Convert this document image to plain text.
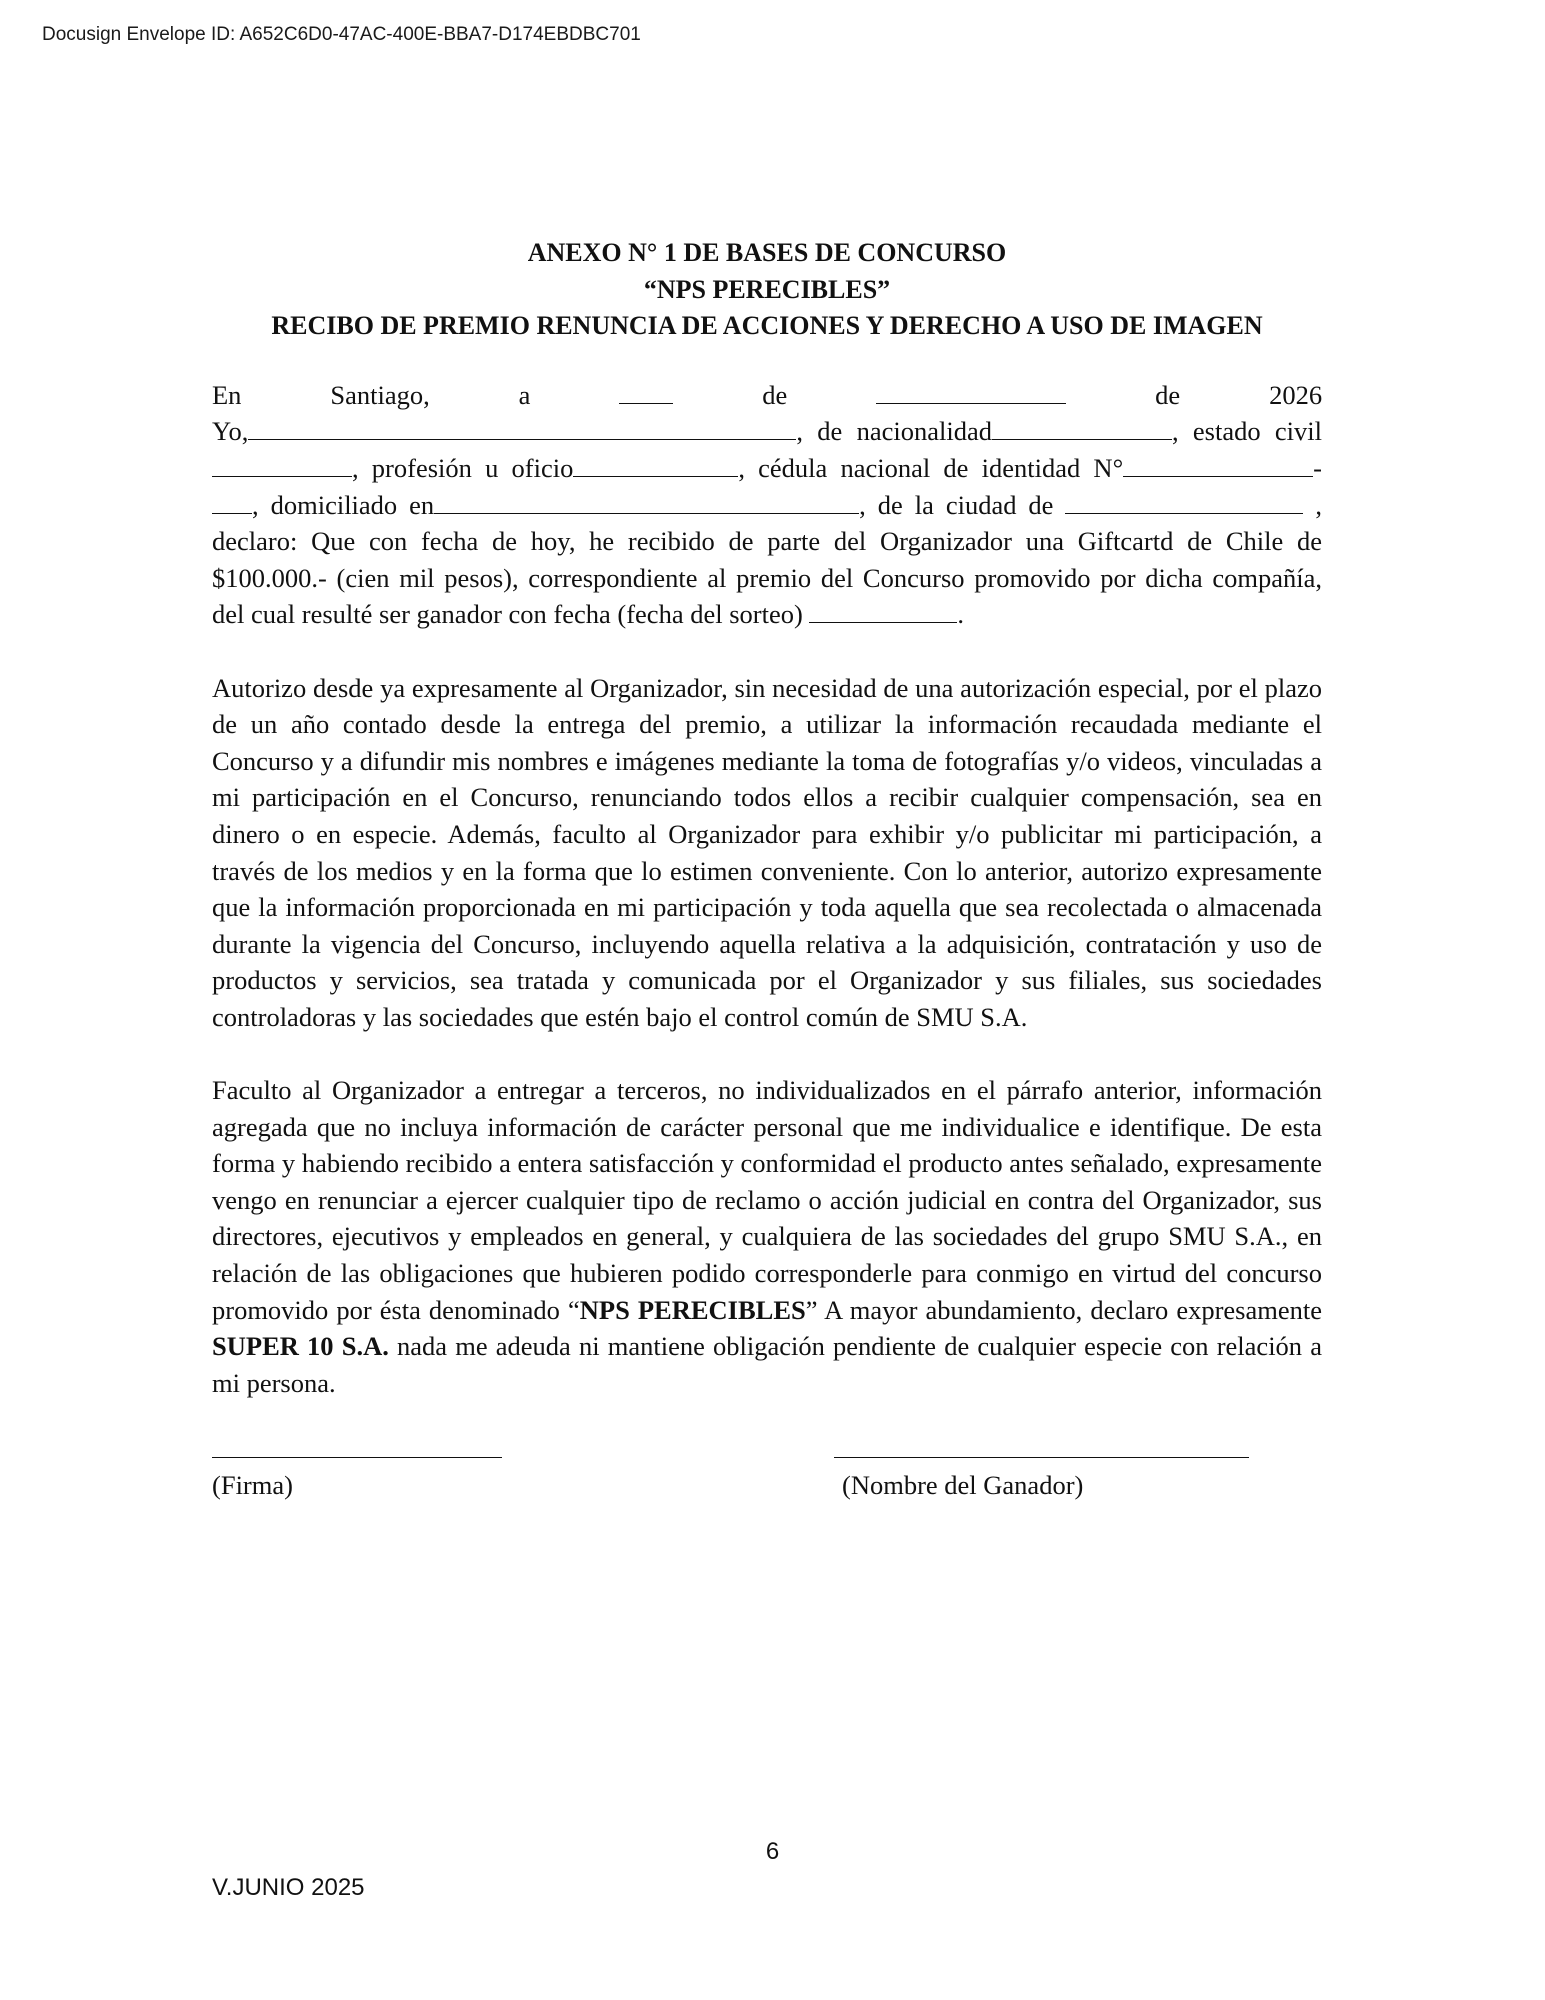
Docusign Envelope ID: A652C6D0-47AC-400E-BBA7-D174EBDBC701

ANEXO N° 1 DE BASES DE CONCURSO

“NPS PERECIBLES”

RECIBO DE PREMIO RENUNCIA DE ACCIONES Y DERECHO A USO DE IMAGEN

En	Santiago,	a	de	de	2026

Yo,	, de nacionalidad	, estado civil

, profesión u oficio	, cédula nacional de identidad N°	-

, domiciliado en	, de la ciudad de	,

declaro: Que con fecha de hoy, he recibido de parte del Organizador una Giftcartd de Chile de $100.000.- (cien mil pesos), correspondiente al premio del Concurso promovido por dicha compañía, del cual resulté ser ganador con fecha (fecha del sorteo)	.

Autorizo desde ya expresamente al Organizador, sin necesidad de una autorización especial, por el plazo de un año contado desde la entrega del premio, a utilizar la información recaudada mediante el Concurso y a difundir mis nombres e imágenes mediante la toma de fotografías y/o videos, vinculadas a mi participación en el Concurso, renunciando todos ellos a recibir cualquier compensación, sea en dinero o en especie. Además, faculto al Organizador para exhibir y/o publicitar mi participación, a través de los medios y en la forma que lo estimen conveniente. Con lo anterior, autorizo expresamente que la información proporcionada en mi participación y toda aquella que sea recolectada o almacenada durante la vigencia del Concurso, incluyendo aquella relativa a la adquisición, contratación y uso de productos y servicios, sea tratada y comunicada por el Organizador y sus filiales, sus sociedades controladoras y las sociedades que estén bajo el control común de SMU S.A.

Faculto al Organizador a entregar a terceros, no individualizados en el párrafo anterior, información agregada que no incluya información de carácter personal que me individualice e identifique. De esta forma y habiendo recibido a entera satisfacción y conformidad el producto antes señalado, expresamente vengo en renunciar a ejercer cualquier tipo de reclamo o acción judicial en contra del Organizador, sus directores, ejecutivos y empleados en general, y cualquiera de las sociedades del grupo SMU S.A., en relación de las obligaciones que hubieren podido corresponderle para conmigo en virtud del concurso promovido por ésta denominado “NPS PERECIBLES” A mayor abundamiento, declaro expresamente SUPER 10 S.A. nada me adeuda ni mantiene obligación pendiente de cualquier especie con relación a mi persona.

(Firma)	(Nombre del Ganador)
6
V.JUNIO 2025
